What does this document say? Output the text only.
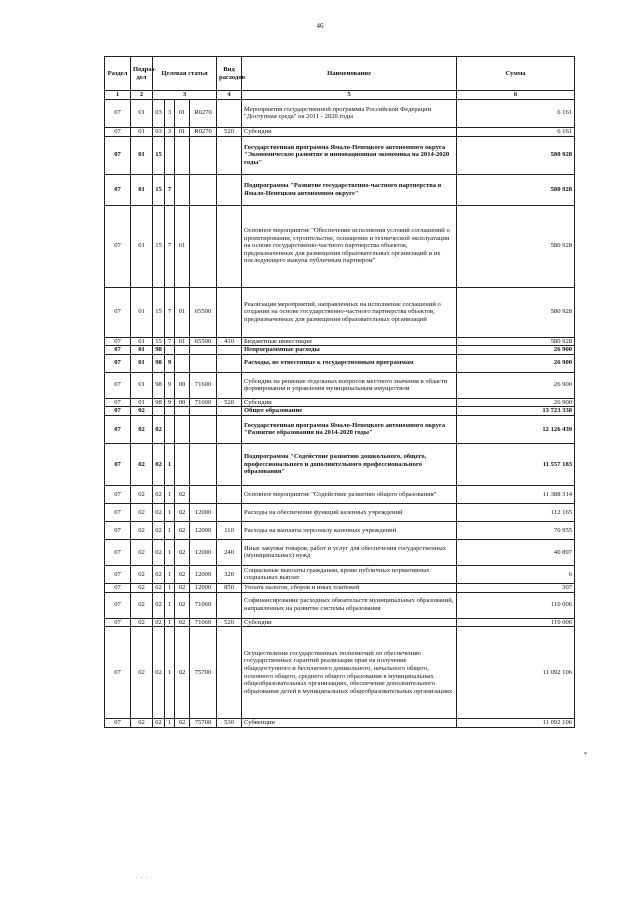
46
Раздел	Подраз-дел	Целевая статья				Вид расходов	Наименование	Сумма
1	2	3				4	5	6
07	01	03	3	01	R0270		Мероприятия государственной программы Российской Федерации "Доступная среда" на 2011 - 2020 годы	6 161
07	01	03	3	01	R0270	520	Субсидии	6 161
07	01	15					Государственная программа Ямало-Ненецкого автономного округа "Экономическое развитие и инновационная экономика на 2014-2020 годы"	580 928
07	01	15	7				Подпрограмма "Развитие государственно-частного партнерства в Ямало-Ненецком автономном округе"	580 928
07	01	15	7	01			Основное мероприятие "Обеспечение исполнения условий соглашений о проектировании, строительстве, оснащении и технической эксплуатации на основе государственно-частного партнерства объектов, предназначенных для размещения образовательных организаций и их последующего выкупа публичным партнером"	580 928
07	01	15	7	01	65500		Реализация мероприятий, направленных на исполнение соглашений о создании на основе государственно-частного партнерства объектов, предназначенных для размещения образовательных организаций	580 928
07	01	15	7	01	65500	410	Бюджетные инвестиции	580 928
07	01	98					Непрограммные расходы	26 900
07	01	98	9				Расходы, не отнесенные к государственным программам	26 900
07	01	98	9	00	71600		Субсидии на решение отдельных вопросов местного значения в области формирования и управления муниципальным имуществом	26 900
07	01	98	9	00	71600	520	Субсидии	26 900
07	02						Общее образование	13 723 338
07	02	02					Государственная программа Ямало-Ненецкого автономного округа "Развитие образования на 2014-2020 годы"	12 126 439
07	02	02	1				Подпрограмма "Содействие развитию дошкольного, общего, профессионального и дополнительного профессионального образования"	11 557 183
07	02	02	1	02			Основное мероприятие "Содействие развитию общего образования"	11 388 314
07	02	02	1	02	12000		Расходы на обеспечение функций казенных учреждений	112 165
07	02	02	1	02	12000	110	Расходы на выплаты персоналу казенных учреждений	70 955
07	02	02	1	02	12000	240	Иные закупки товаров, работ и услуг для обеспечения государственных (муниципальных) нужд	40 897
07	02	02	1	02	12000	320	Социальные выплаты гражданам, кроме публичных нормативных социальных выплат	6
07	02	02	1	02	12000	850	Уплата налогов, сборов и иных платежей	307
07	02	02	1	02	71060		Софинансирование расходных обязательств муниципальных образований, направленных на развитие системы образования	110 006
07	02	02	1	02	71060	520	Субсидии	110 006
07	02	02	1	02	75700		Осуществление государственных полномочий по обеспечению государственных гарантий реализации прав на получение общедоступного и бесплатного дошкольного, начального общего, основного общего, среднего общего образования в муниципальных общеобразовательных организациях, обеспечение дополнительного образования детей в муниципальных общеобразовательных организациях	11 092 106
07	02	02	1	02	75700	530	Субвенции	11 092 106
*
. . .
